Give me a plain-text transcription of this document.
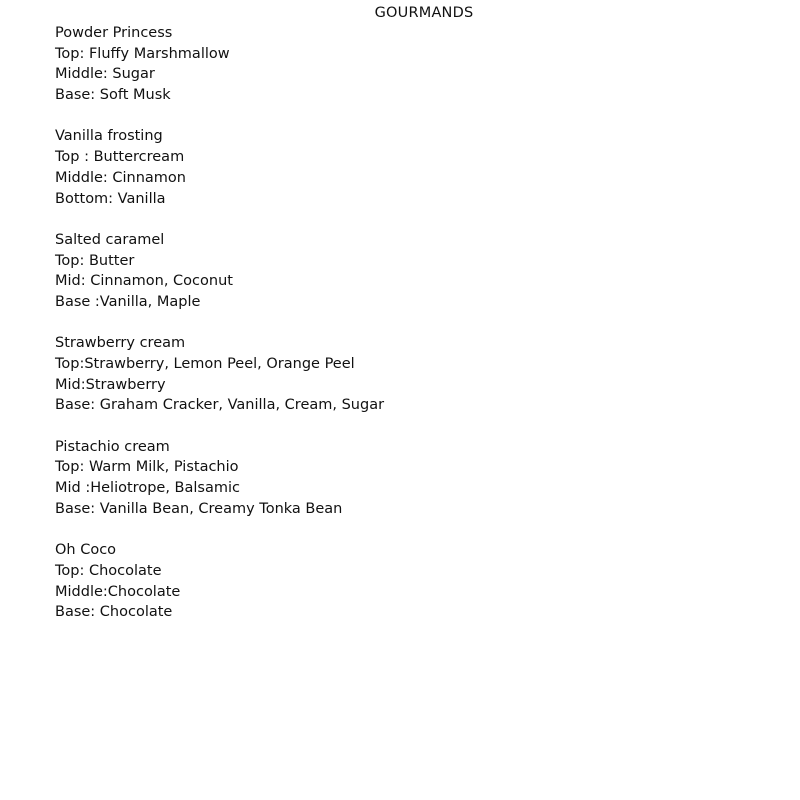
GOURMANDS
Powder Princess
Top: Fluffy Marshmallow
Middle: Sugar
Base: Soft Musk
Vanilla frosting
Top : Buttercream
Middle: Cinnamon
Bottom: Vanilla
Salted caramel
Top: Butter
Mid: Cinnamon, Coconut
Base :Vanilla, Maple
Strawberry cream
Top:Strawberry, Lemon Peel, Orange Peel
Mid:Strawberry
Base: Graham Cracker, Vanilla, Cream, Sugar
Pistachio cream
Top: Warm Milk, Pistachio
Mid :Heliotrope, Balsamic
Base: Vanilla Bean, Creamy Tonka Bean
Oh Coco
Top: Chocolate
Middle:Chocolate
Base: Chocolate
